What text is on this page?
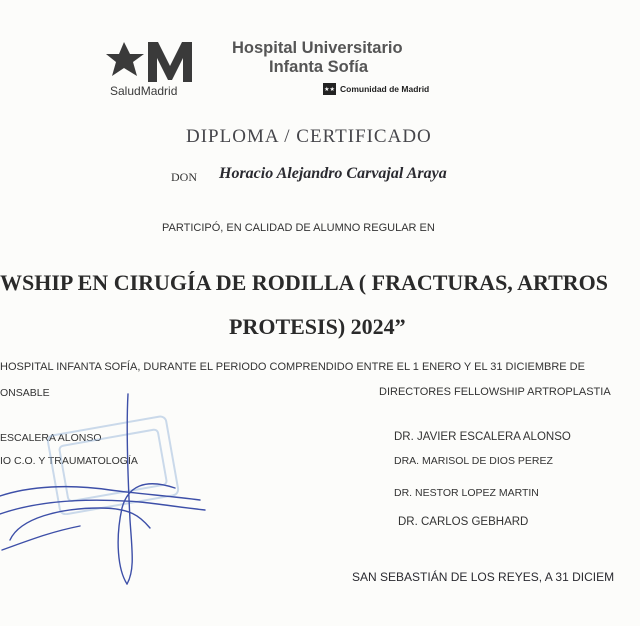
SaludMadrid
Hospital Universitario
Infanta Sofía
★★ Comunidad de Madrid
DIPLOMA / CERTIFICADO
DON Horacio Alejandro Carvajal Araya
PARTICIPÓ, EN CALIDAD DE ALUMNO REGULAR EN
WSHIP EN CIRUGÍA DE RODILLA ( FRACTURAS, ARTROS
PROTESIS) 2024”
HOSPITAL INFANTA SOFÍA, DURANTE EL PERIODO COMPRENDIDO ENTRE EL 1 ENERO Y EL 31 DICIEMBRE DE
ONSABLE	DIRECTORES FELLOWSHIP ARTROPLASTIA
ESCALERA ALONSO
IO C.O. Y TRAUMATOLOGÍA
DR. JAVIER ESCALERA ALONSO
DRA. MARISOL DE DIOS PEREZ
DR. NESTOR LOPEZ MARTIN
DR. CARLOS GEBHARD
SAN SEBASTIÁN DE LOS REYES, A 31 DICIEM
